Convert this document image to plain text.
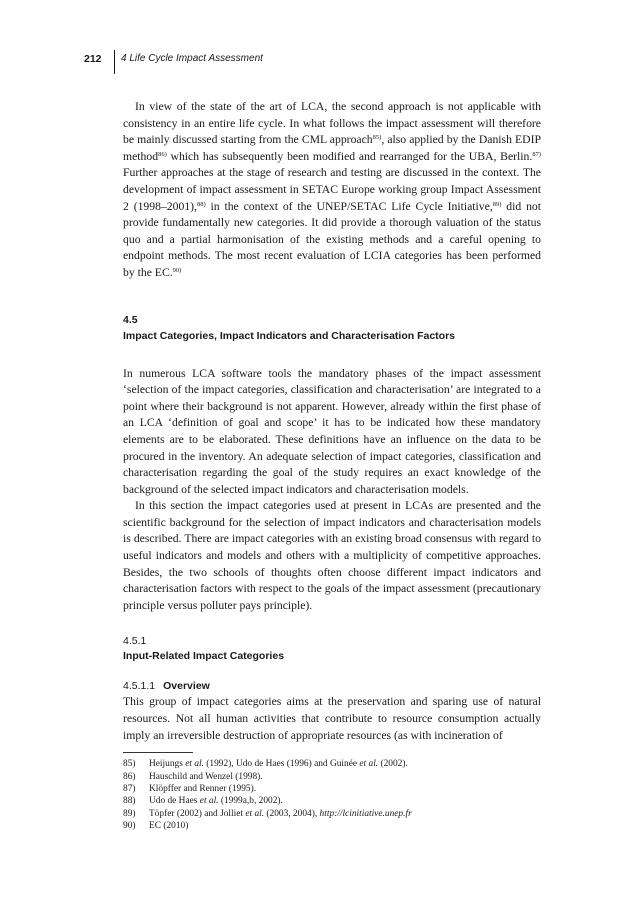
212 4 Life Cycle Impact Assessment

In view of the state of the art of LCA, the second approach is not applicable with consistency in an entire life cycle. In what follows the impact assessment will therefore be mainly discussed starting from the CML approach$^{85)}$, also applied by the Danish EDIP method$^{86)}$ which has subsequently been modified and rearranged for the UBA, Berlin.$^{87)}$ Further approaches at the stage of research and testing are discussed in the context. The development of impact assessment in SETAC Europe working group Impact Assessment 2 (1998–2001),$^{88)}$ in the context of the UNEP/SETAC Life Cycle Initiative,$^{89)}$ did not provide fundamentally new categories. It did provide a thorough valuation of the status quo and a partial harmonisation of the existing methods and a careful opening to endpoint methods. The most recent evaluation of LCIA categories has been performed by the EC.$^{90)}$

4.5
Impact Categories, Impact Indicators and Characterisation Factors

In numerous LCA software tools the mandatory phases of the impact assessment ‘selection of the impact categories, classification and characterisation’ are integrated to a point where their background is not apparent. However, already within the first phase of an LCA ‘definition of goal and scope’ it has to be indicated how these mandatory elements are to be elaborated. These definitions have an influence on the data to be procured in the inventory. An adequate selection of impact categories, classification and characterisation regarding the goal of the study requires an exact knowledge of the background of the selected impact indicators and characterisation models.

In this section the impact categories used at present in LCAs are presented and the scientific background for the selection of impact indicators and characterisation models is described. There are impact categories with an existing broad consensus with regard to useful indicators and models and others with a multiplicity of competitive approaches. Besides, the two schools of thoughts often choose different impact indicators and characterisation factors with respect to the goals of the impact assessment (precautionary principle versus polluter pays principle).

4.5.1
Input-Related Impact Categories
4.5.1.1 Overview

This group of impact categories aims at the preservation and sparing use of natural resources. Not all human activities that contribute to resource consumption actually imply an irreversible destruction of appropriate resources (as with incineration of

85)	Heijungs et al. (1992), Udo de Haes (1996) and Guinée et al. (2002).
86)	Hauschild and Wenzel (1998).
87)	Klöpffer and Renner (1995).
88)	Udo de Haes et al. (1999a,b, 2002).
89)	Töpfer (2002) and Jolliet et al. (2003, 2004), http://lcinitiative.unep.fr
90)	EC (2010)
